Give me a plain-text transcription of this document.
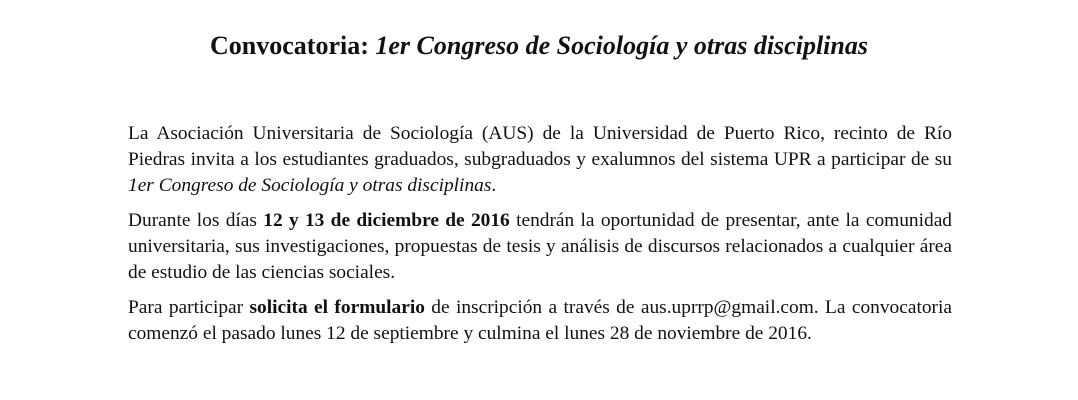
Convocatoria: 1er Congreso de Sociología y otras disciplinas

La Asociación Universitaria de Sociología (AUS) de la Universidad de Puerto Rico, recinto de Río Piedras invita a los estudiantes graduados, subgraduados y exalumnos del sistema UPR a participar de su 1er Congreso de Sociología y otras disciplinas.

Durante los días 12 y 13 de diciembre de 2016 tendrán la oportunidad de presentar, ante la comunidad universitaria, sus investigaciones, propuestas de tesis y análisis de discursos relacionados a cualquier área de estudio de las ciencias sociales.

Para participar solicita el formulario de inscripción a través de aus.uprrp@gmail.com. La convocatoria comenzó el pasado lunes 12 de septiembre y culmina el lunes 28 de noviembre de 2016.
